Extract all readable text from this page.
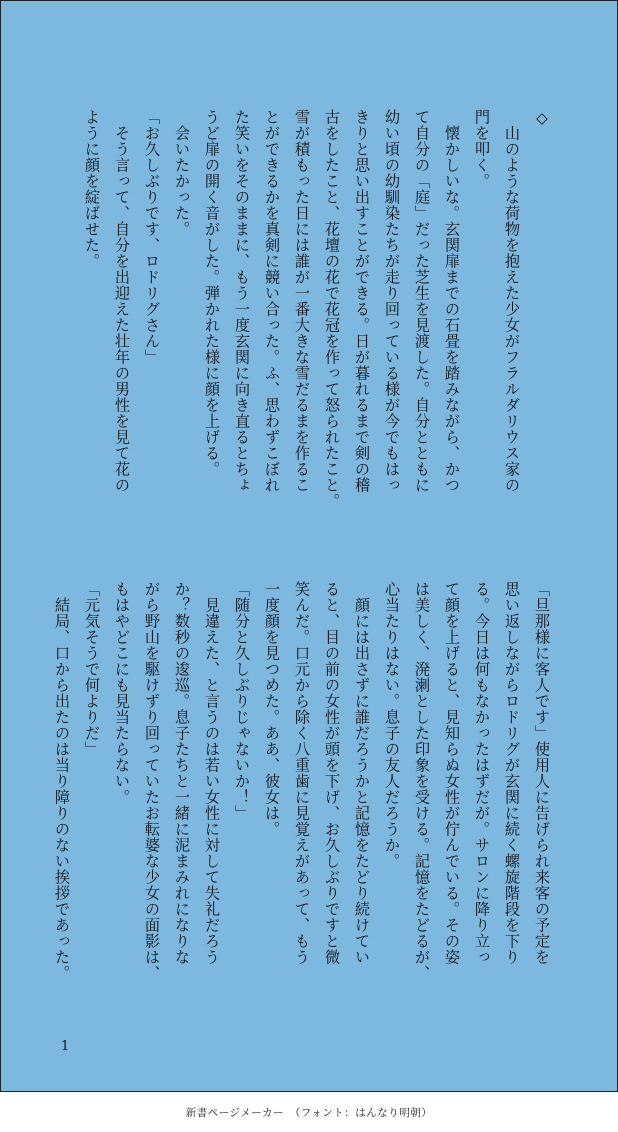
◇
　山のような荷物を抱えた少女がフラルダリウス家の
門を叩く。
　懐かしいな。玄関扉までの石畳を踏みながら、かつ
て自分の「庭」だった芝生を見渡した。自分とともに
幼い頃の幼馴染たちが走り回っている様が今でもはっ
きりと思い出すことができる。日が暮れるまで剣の稽
古をしたこと、花壇の花で花冠を作って怒られたこと。
雪が積もった日には誰が一番大きな雪だるまを作るこ
とができるかを真剣に競い合った。ふ、思わずこぼれ
た笑いをそのままに、もう一度玄関に向き直るとちょ
うど扉の開く音がした。弾かれた様に顔を上げる。
　会いたかった。
「お久しぶりです、ロドリグさん」
　そう言って、自分を出迎えた壮年の男性を見て花の
ように顔を綻ばせた。
「旦那様に客人です」使用人に告げられ来客の予定を
思い返しながらロドリグが玄関に続く螺旋階段を下り
る。今日は何もなかったはずだが。サロンに降り立っ
て顔を上げると、見知らぬ女性が佇んでいる。その姿
は美しく、溌溂とした印象を受ける。記憶をたどるが、
心当たりはない。息子の友人だろうか。
　顔には出さずに誰だろうかと記憶をたどり続けてい
ると、目の前の女性が頭を下げ、お久しぶりですと微
笑んだ。口元から除く八重歯に見覚えがあって、もう
一度顔を見つめた。ああ、彼女は。
「随分と久しぶりじゃないか！」
　見違えた、と言うのは若い女性に対して失礼だろう
か？数秒の逡巡。息子たちと一緒に泥まみれになりな
がら野山を駆けずり回っていたお転婆な少女の面影は、
もはやどこにも見当たらない。
「元気そうで何よりだ」
　結局、口から出たのは当り障りのない挨拶であった。
1
新書ページメーカー　（フォント：はんなり明朝）
